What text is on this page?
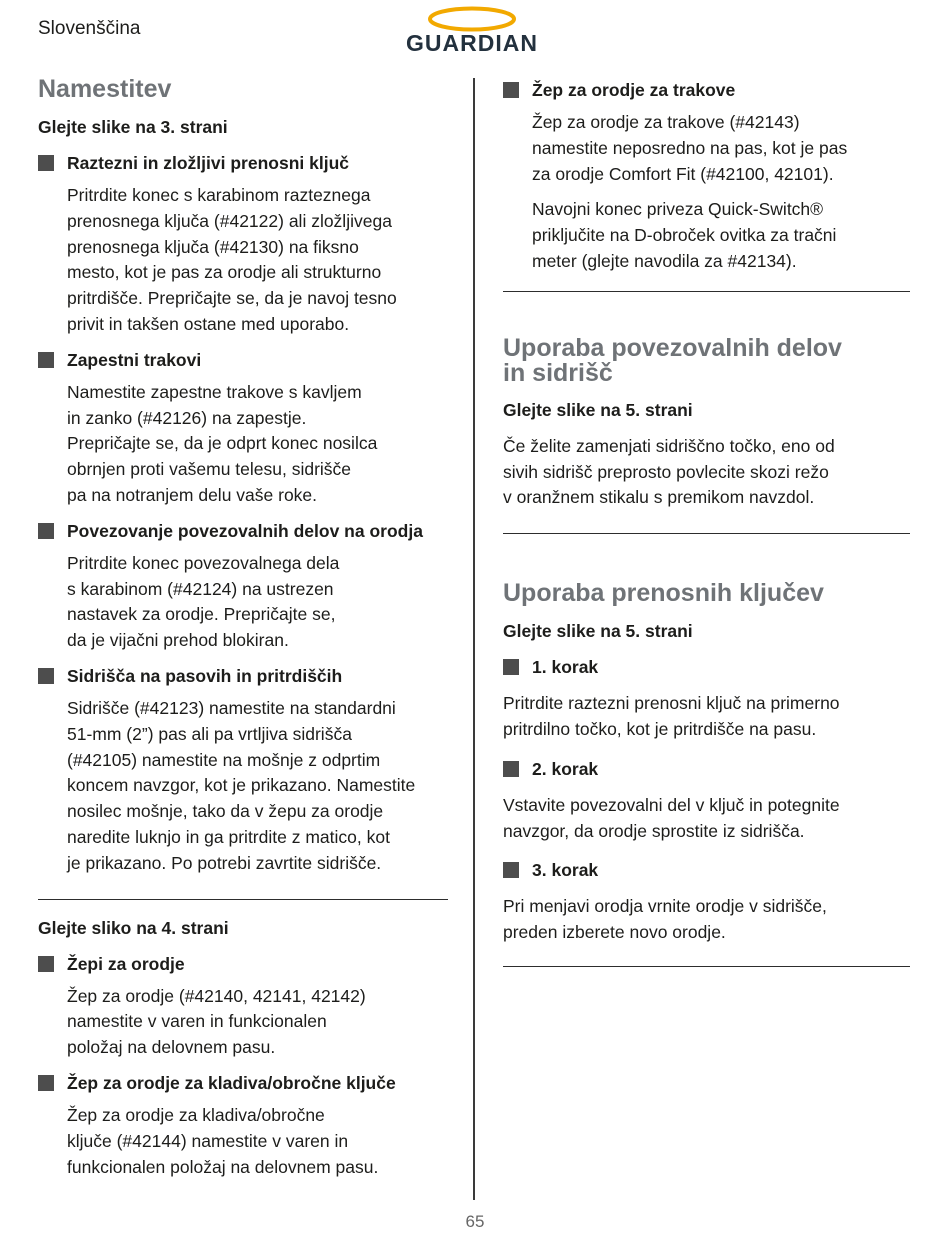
Slovenščina
GUARDIAN
Namestitev
Glejte slike na 3. strani
Raztezni in zložljivi prenosni ključ
Pritrdite konec s karabinom razteznega
prenosnega ključa (#42122) ali zložljivega
prenosnega ključa (#42130) na fiksno
mesto, kot je pas za orodje ali strukturno
pritrdišče. Prepričajte se, da je navoj tesno
privit in takšen ostane med uporabo.
Zapestni trakovi
Namestite zapestne trakove s kavljem
in zanko (#42126) na zapestje.
Prepričajte se, da je odprt konec nosilca
obrnjen proti vašemu telesu, sidrišče
pa na notranjem delu vaše roke.
Povezovanje povezovalnih delov na orodja
Pritrdite konec povezovalnega dela
s karabinom (#42124) na ustrezen
nastavek za orodje. Prepričajte se,
da je vijačni prehod blokiran.
Sidrišča na pasovih in pritrdiščih
Sidrišče (#42123) namestite na standardni
51-mm (2”) pas ali pa vrtljiva sidrišča
(#42105) namestite na mošnje z odprtim
koncem navzgor, kot je prikazano. Namestite
nosilec mošnje, tako da v žepu za orodje
naredite luknjo in ga pritrdite z matico, kot
je prikazano. Po potrebi zavrtite sidrišče.
Glejte sliko na 4. strani
Žepi za orodje
Žep za orodje (#42140, 42141, 42142)
namestite v varen in funkcionalen
položaj na delovnem pasu.
Žep za orodje za kladiva/obročne ključe
Žep za orodje za kladiva/obročne
ključe (#42144) namestite v varen in
funkcionalen položaj na delovnem pasu.
Žep za orodje za trakove
Žep za orodje za trakove (#42143)
namestite neposredno na pas, kot je pas
za orodje Comfort Fit (#42100, 42101).
Navojni konec priveza Quick-Switch®
priključite na D-obroček ovitka za tračni
meter (glejte navodila za #42134).
Uporaba povezovalnih delov
in sidrišč
Glejte slike na 5. strani
Če želite zamenjati sidriščno točko, eno od
sivih sidrišč preprosto povlecite skozi režo
v oranžnem stikalu s premikom navzdol.
Uporaba prenosnih ključev
Glejte slike na 5. strani
1. korak
Pritrdite raztezni prenosni ključ na primerno
pritrdilno točko, kot je pritrdišče na pasu.
2. korak
Vstavite povezovalni del v ključ in potegnite
navzgor, da orodje sprostite iz sidrišča.
3. korak
Pri menjavi orodja vrnite orodje v sidrišče,
preden izberete novo orodje.
65
